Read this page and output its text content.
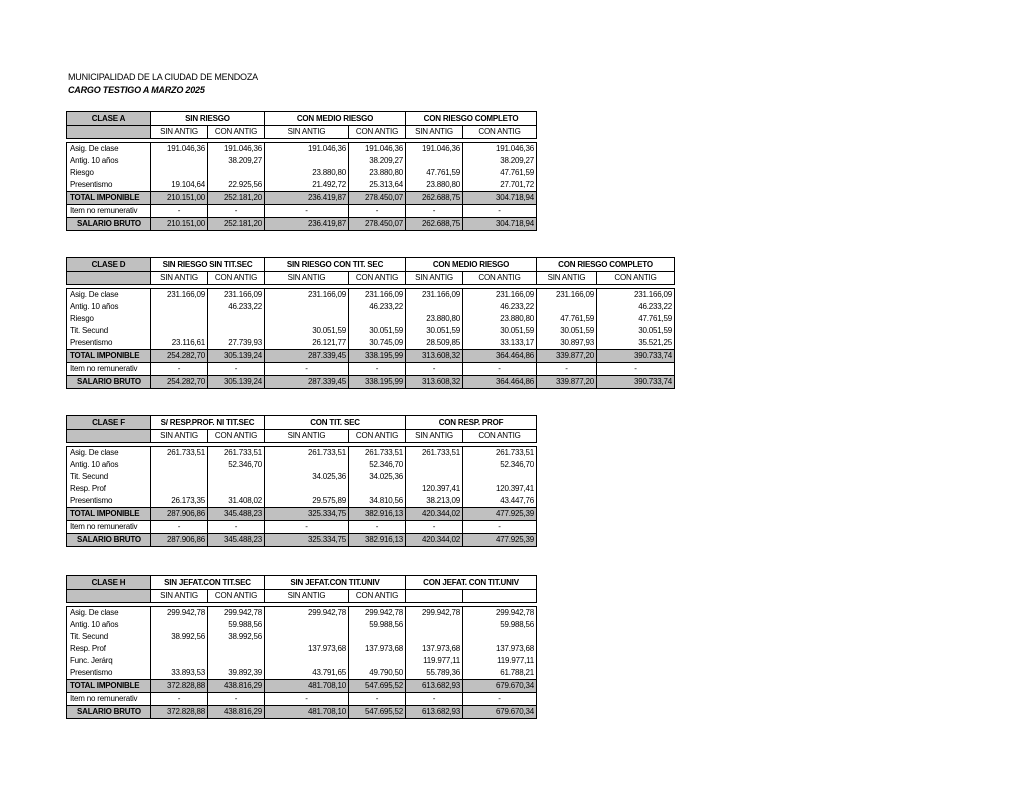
MUNICIPALIDAD DE LA CIUDAD DE MENDOZA
CARGO TESTIGO A MARZO 2025
CLASE A	SIN RIESGO		CON MEDIO RIESGO		CON RIESGO COMPLETO	
	SIN ANTIG	CON ANTIG	SIN ANTIG	CON ANTIG	SIN ANTIG	CON ANTIG

Asig. De clase	191.046,36	191.046,36	191.046,36	191.046,36	191.046,36	191.046,36
Antig. 10 años		38.209,27		38.209,27		38.209,27
Riesgo			23.880,80	23.880,80	47.761,59	47.761,59
Presentismo	19.104,64	22.925,56	21.492,72	25.313,64	23.880,80	27.701,72
TOTAL IMPONIBLE	210.151,00	252.181,20	236.419,87	278.450,07	262.688,75	304.718,94
Item no remunerativ	-	-	-	-	-	-
SALARIO BRUTO	210.151,00	252.181,20	236.419,87	278.450,07	262.688,75	304.718,94
CLASE D	SIN RIESGO SIN TIT.SEC		SIN RIESGO CON TIT. SEC		CON MEDIO RIESGO		CON RIESGO COMPLETO	
	SIN ANTIG	CON ANTIG	SIN ANTIG	CON ANTIG	SIN ANTIG	CON ANTIG	SIN ANTIG	CON ANTIG

Asig. De clase	231.166,09	231.166,09	231.166,09	231.166,09	231.166,09	231.166,09	231.166,09	231.166,09
Antig. 10 años		46.233,22		46.233,22		46.233,22		46.233,22
Riesgo					23.880,80	23.880,80	47.761,59	47.761,59
Tit. Secund			30.051,59	30.051,59	30.051,59	30.051,59	30.051,59	30.051,59
Presentismo	23.116,61	27.739,93	26.121,77	30.745,09	28.509,85	33.133,17	30.897,93	35.521,25
TOTAL IMPONIBLE	254.282,70	305.139,24	287.339,45	338.195,99	313.608,32	364.464,86	339.877,20	390.733,74
Item no remunerativ	-	-	-	-	-	-	-	-
SALARIO BRUTO	254.282,70	305.139,24	287.339,45	338.195,99	313.608,32	364.464,86	339.877,20	390.733,74
CLASE F	S/ RESP.PROF. NI TIT.SEC		CON TIT. SEC		CON RESP. PROF	
	SIN ANTIG	CON ANTIG	SIN ANTIG	CON ANTIG	SIN ANTIG	CON ANTIG

Asig. De clase	261.733,51	261.733,51	261.733,51	261.733,51	261.733,51	261.733,51
Antig. 10 años		52.346,70		52.346,70		52.346,70
Tit. Secund			34.025,36	34.025,36		
Resp. Prof					120.397,41	120.397,41
Presentismo	26.173,35	31.408,02	29.575,89	34.810,56	38.213,09	43.447,76
TOTAL IMPONIBLE	287.906,86	345.488,23	325.334,75	382.916,13	420.344,02	477.925,39
Item no remunerativ	-	-	-	-	-	-
SALARIO BRUTO	287.906,86	345.488,23	325.334,75	382.916,13	420.344,02	477.925,39
CLASE H	SIN JEFAT.CON TIT.SEC		SIN JEFAT.CON TIT.UNIV		CON JEFAT. CON TIT.UNIV	
	SIN ANTIG	CON ANTIG	SIN ANTIG	CON ANTIG		

Asig. De clase	299.942,78	299.942,78	299.942,78	299.942,78	299.942,78	299.942,78
Antig. 10 años		59.988,56		59.988,56		59.988,56
Tit. Secund	38.992,56	38.992,56				
Resp. Prof			137.973,68	137.973,68	137.973,68	137.973,68
Func. Jerárq					119.977,11	119.977,11
Presentismo	33.893,53	39.892,39	43.791,65	49.790,50	55.789,36	61.788,21
TOTAL IMPONIBLE	372.828,88	438.816,29	481.708,10	547.695,52	613.682,93	679.670,34
Item no remunerativ	-	-	-	-	-	-
SALARIO BRUTO	372.828,88	438.816,29	481.708,10	547.695,52	613.682,93	679.670,34
